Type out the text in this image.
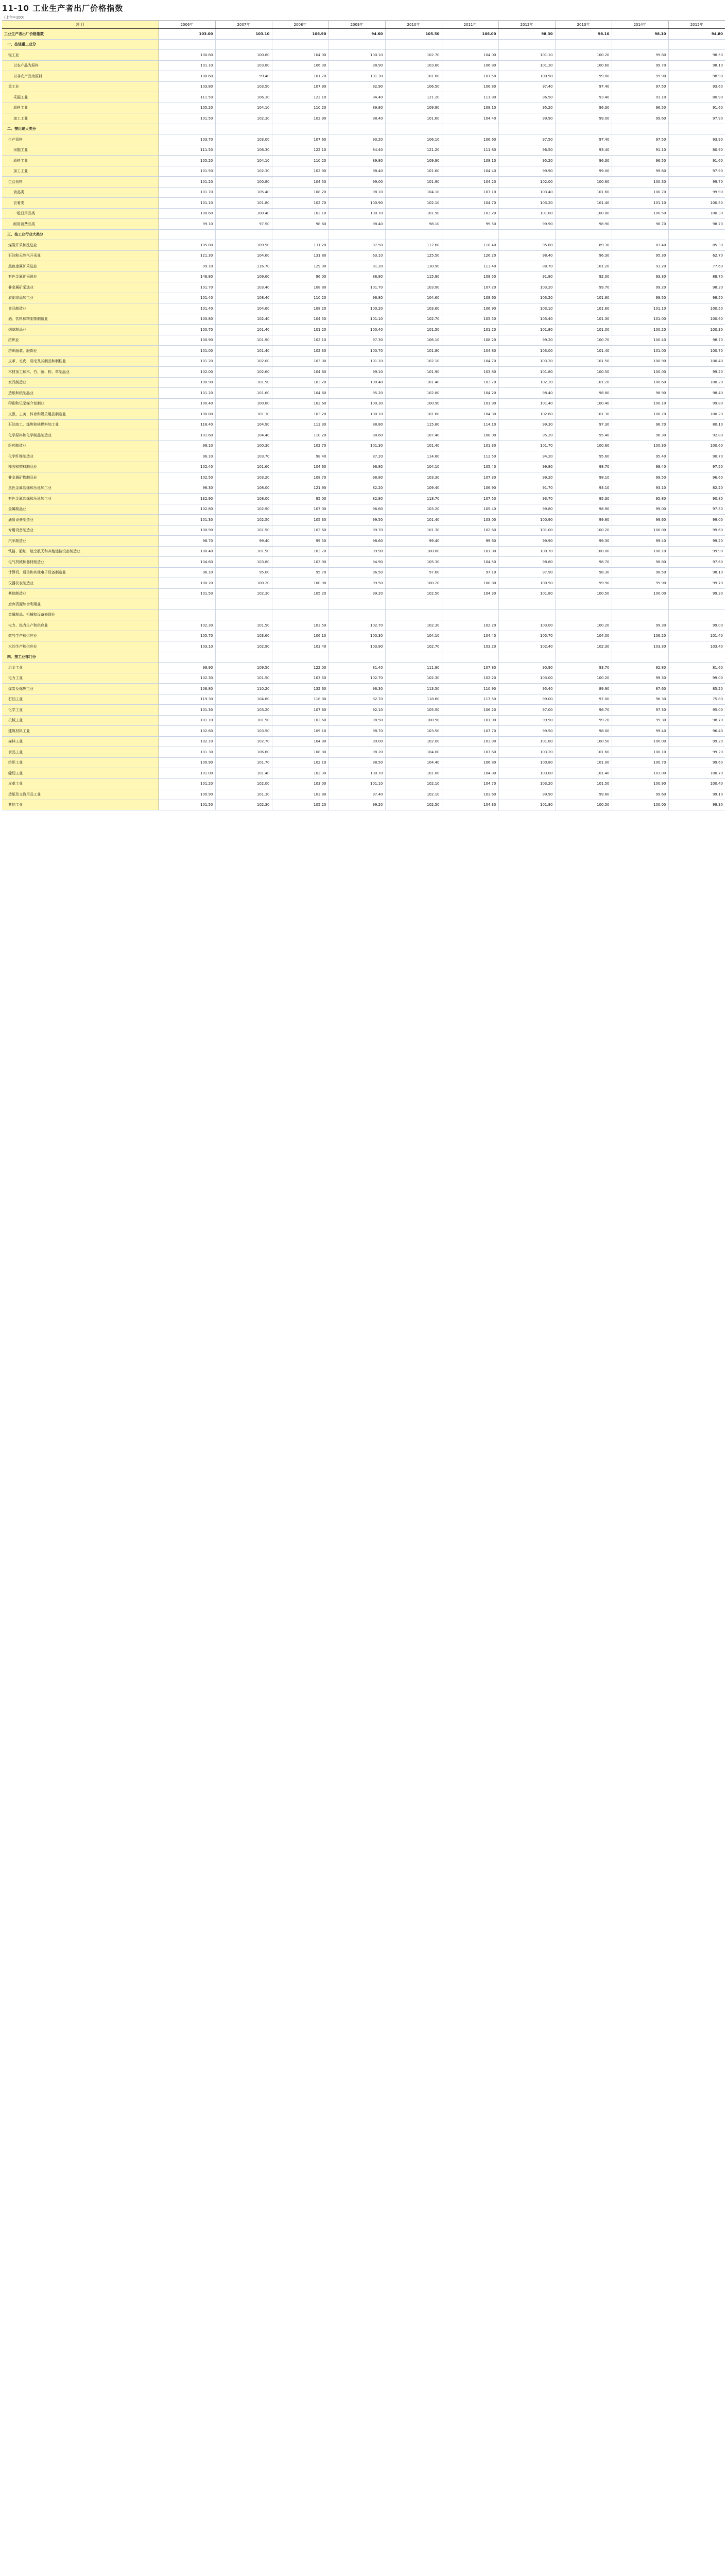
11-10 工业生产者出厂价格指数
（上年=100）
项 目	2006年	2007年	2008年	2009年	2010年	2011年	2012年	2013年	2014年	2015年
工业生产者出厂价格指数	103.00	103.10	106.90	94.60	105.50	106.00	98.30	98.10	98.10	94.80
一、按轻重工业分										
轻工业	100.80	100.80	104.00	100.10	102.70	104.00	101.10	100.20	99.80	98.50
以农产品为原料	101.10	103.80	106.30	98.90	103.80	106.80	101.30	100.60	99.70	98.10
以非农产品为原料	100.60	99.40	101.70	101.30	101.60	101.50	100.90	99.80	99.90	98.90
重工业	103.80	103.50	107.90	92.90	106.50	106.80	97.40	97.40	97.50	93.60
采掘工业	111.50	106.30	122.10	84.40	121.20	111.80	96.50	93.40	91.10	80.90
原料工业	105.20	104.10	110.20	89.80	109.90	108.10	95.20	96.30	96.50	91.60
加工工业	101.50	102.30	102.90	98.40	101.60	104.40	99.90	99.00	99.60	97.90
二、按用途大类分										
生产资料	103.70	103.00	107.60	93.20	106.10	106.60	97.50	97.40	97.50	93.90
采掘工业	111.50	106.30	122.10	84.40	121.20	111.80	96.50	93.40	91.10	80.90
原料工业	105.20	104.10	110.20	89.80	109.90	108.10	95.20	96.30	96.50	91.60
加工工业	101.50	102.30	102.90	98.40	101.60	104.40	99.90	99.00	99.60	97.90
生活资料	101.20	100.80	104.50	99.00	101.90	104.20	102.00	100.60	100.30	99.70
食品类	101.70	105.40	108.20	98.10	104.10	107.10	103.40	101.60	100.70	99.90
衣着类	101.10	101.80	102.70	100.90	102.10	104.70	103.20	101.40	101.10	100.50
一般日用品类	100.60	100.40	102.10	100.70	101.90	103.20	101.80	100.80	100.50	100.30
耐用消费品类	99.10	97.50	98.60	98.40	98.10	99.50	99.90	98.90	98.70	98.70
三、按工业行业大类分										
煤炭开采和洗选业	105.80	109.50	131.20	97.50	112.60	110.40	95.80	89.30	87.40	85.30
石油和天然气开采业	121.30	104.60	131.80	63.10	125.50	126.20	98.40	96.30	95.30	62.70
黑色金属矿采选业	99.10	116.70	129.00	81.20	130.90	113.40	88.70	101.20	93.20	77.60
有色金属矿采选业	146.80	109.60	96.00	88.80	115.90	108.50	91.80	92.00	93.30	88.70
非金属矿采选业	101.70	103.40	108.80	101.70	103.90	107.20	103.20	99.70	99.20	98.30
农副食品加工业	101.40	108.40	110.20	96.80	104.60	108.60	103.20	101.60	99.50	98.50
食品制造业	101.40	104.60	108.20	100.20	103.60	106.90	103.10	101.60	101.10	100.50
酒、饮料和精制茶制造业	100.80	102.40	104.50	101.10	102.70	105.50	103.40	101.30	101.00	100.60
烟草制品业	100.70	101.40	101.20	100.40	101.50	101.20	101.80	101.00	100.20	100.30
纺织业	100.90	101.90	102.10	97.30	106.10	108.20	99.20	100.70	100.40	98.70
纺织服装、服饰业	101.00	101.40	102.30	100.70	101.80	104.80	103.00	101.40	101.00	100.70
皮革、毛皮、羽毛及其制品和制鞋业	101.20	102.00	103.00	101.10	102.10	104.70	103.20	101.50	100.90	100.40
木材加工和木、竹、藤、棕、草制品业	102.00	102.60	104.60	99.10	101.90	103.80	101.80	100.50	100.00	99.20
家具制造业	100.90	101.50	103.20	100.40	101.40	103.70	102.20	101.20	100.60	100.20
造纸和纸制品业	101.20	101.60	104.60	95.20	102.80	104.20	98.40	98.80	98.90	98.40
印刷和记录媒介复制业	100.40	100.80	102.60	100.30	100.90	101.90	101.40	100.40	100.10	99.80
文教、工美、体育和娱乐用品制造业	100.80	101.30	103.20	100.10	101.60	104.30	102.60	101.30	100.70	100.20
石油加工、炼焦和核燃料加工业	118.40	104.90	113.30	88.80	115.80	114.10	99.30	97.30	96.70	80.10
化学原料和化学制品制造业	101.60	104.40	110.20	88.60	107.40	108.00	95.20	95.40	96.30	92.80
医药制造业	99.10	100.30	102.70	101.30	101.40	101.30	101.70	100.60	100.30	100.60
化学纤维制造业	96.10	103.70	98.40	87.20	114.80	112.50	94.20	95.60	95.40	90.70
橡胶和塑料制品业	102.40	101.60	104.60	96.80	104.10	105.40	99.80	98.70	98.40	97.50
非金属矿物制品业	102.50	103.20	108.70	98.80	103.30	107.30	99.20	98.10	99.50	96.60
黑色金属冶炼和压延加工业	98.30	108.00	121.90	82.20	109.40	106.90	91.70	93.10	93.10	82.20
有色金属冶炼和压延加工业	132.90	108.00	95.00	82.80	118.70	107.50	93.70	95.30	95.80	90.80
金属制品业	102.80	102.90	107.00	96.60	103.20	105.40	99.80	98.90	99.00	97.50
通用设备制造业	101.30	102.50	105.30	99.50	101.40	103.00	100.90	99.80	99.60	99.00
专用设备制造业	100.90	101.50	103.60	99.70	101.30	102.60	101.00	100.20	100.00	99.60
汽车制造业	98.70	99.40	99.50	98.60	99.40	99.60	99.90	99.30	99.40	99.20
铁路、船舶、航空航天和其他运输设备制造业	100.40	101.50	103.70	99.90	100.80	101.80	100.70	100.00	100.10	99.90
电气机械和器材制造业	104.60	103.80	103.90	94.90	105.30	104.50	98.80	98.70	98.80	97.60
计算机、通信和其他电子设备制造业	96.10	95.00	95.70	96.50	97.60	97.10	97.90	98.30	98.50	98.10
仪器仪表制造业	100.20	100.20	100.90	99.50	100.20	100.80	100.50	99.90	99.90	99.70
其他制造业	101.50	102.30	105.20	99.20	102.50	104.30	101.80	100.50	100.00	99.30
废弃资源综合利用业										
金属制品、机械和设备修理业										
电力、热力生产和供应业	102.30	101.50	103.50	102.70	102.30	102.20	103.00	100.20	99.30	99.00
燃气生产和供应业	105.70	103.60	106.10	100.30	104.10	104.40	105.70	104.00	106.20	101.40
水的生产和供应业	103.10	102.90	103.40	103.90	102.70	103.20	102.40	102.30	103.30	103.40
四、按工业部门分										
冶金工业	99.90	109.50	122.00	81.40	111.90	107.80	90.90	93.70	92.80	81.60
电力工业	102.30	101.50	103.50	102.70	102.30	102.20	103.00	100.20	99.30	99.00
煤炭及炼焦工业	106.80	110.20	132.60	96.30	113.50	110.90	95.40	89.90	87.60	85.20
石油工业	119.30	104.80	118.80	82.70	118.60	117.50	99.00	97.00	96.30	75.80
化学工业	101.30	103.20	107.60	92.10	105.50	106.20	97.00	96.70	97.30	95.00
机械工业	101.10	101.50	102.60	98.50	100.90	101.90	99.90	99.20	99.30	98.70
建筑材料工业	102.60	103.50	109.10	98.70	103.50	107.70	99.50	98.00	99.40	96.40
森林工业	102.10	102.70	104.80	99.00	102.00	103.90	101.80	100.50	100.00	99.20
食品工业	101.30	106.60	108.80	98.20	104.00	107.60	103.20	101.60	100.10	99.20
纺织工业	100.90	101.70	102.10	98.50	104.40	106.80	100.80	101.00	100.70	99.60
缝纫工业	101.00	101.40	102.30	100.70	101.80	104.80	103.00	101.40	101.00	100.70
皮革工业	101.20	102.00	103.00	101.10	102.10	104.70	103.20	101.50	100.90	100.40
造纸及文教用品工业	100.90	101.30	103.80	97.40	102.10	103.60	99.90	99.60	99.60	99.10
其他工业	101.50	102.30	105.20	99.20	102.50	104.30	101.80	100.50	100.00	99.30
